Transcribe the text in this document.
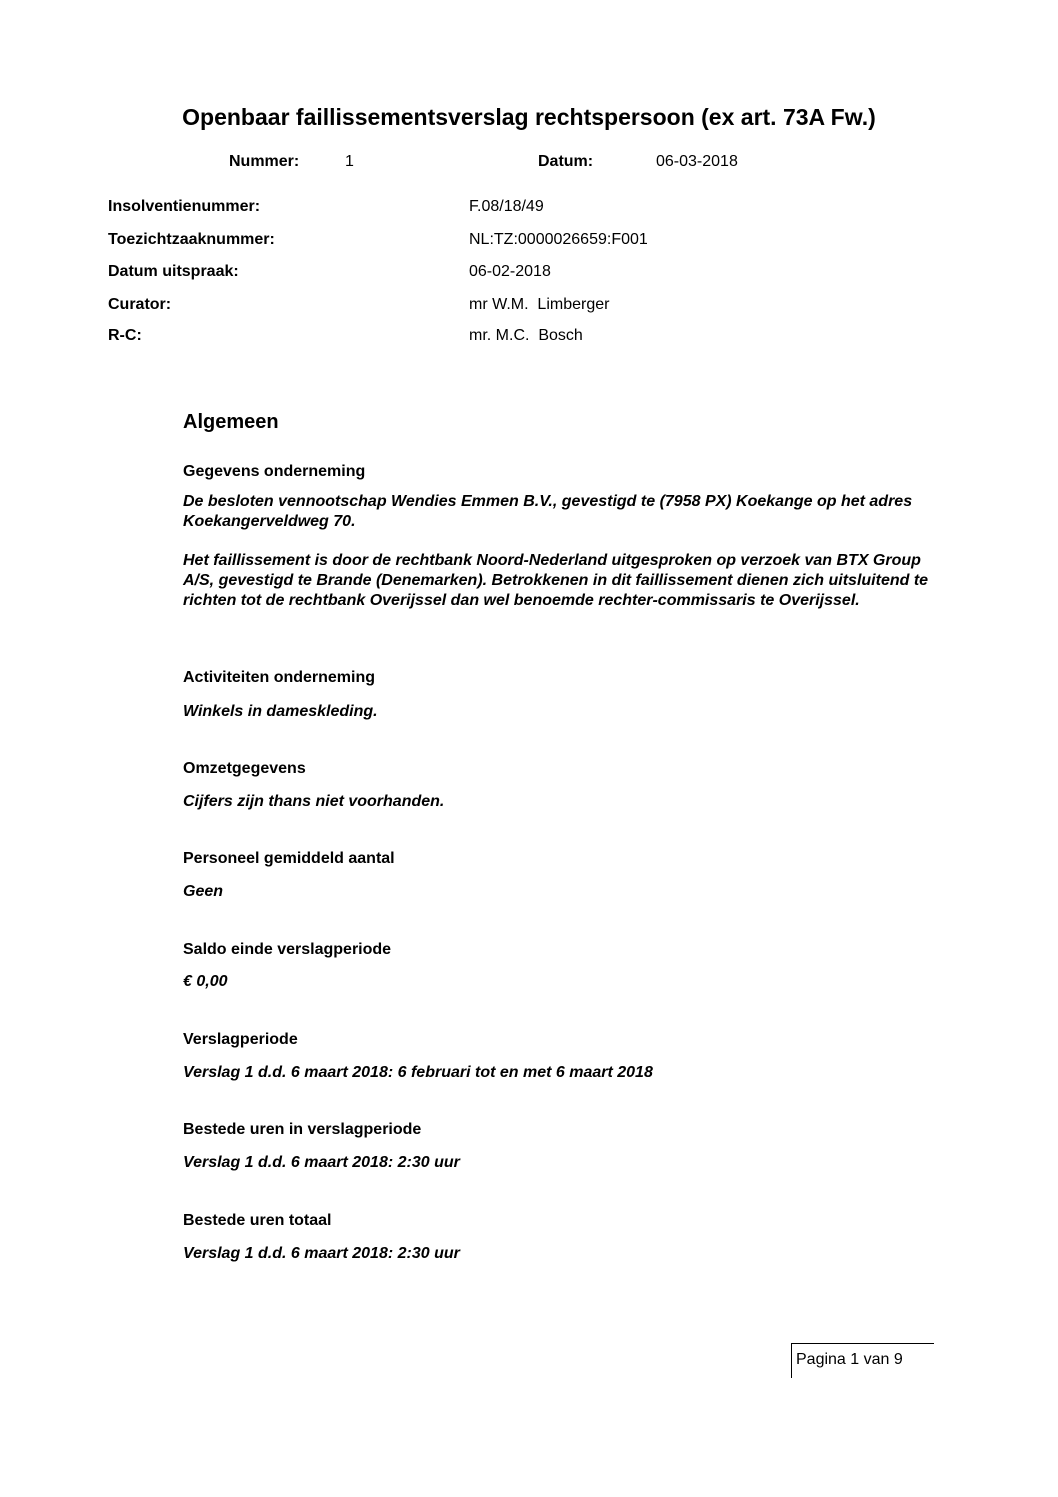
Openbaar faillissementsverslag rechtspersoon (ex art. 73A Fw.)
Nummer:	1	Datum:	06-03-2018
Insolventienummer:	F.08/18/49
Toezichtzaaknummer:	NL:TZ:0000026659:F001
Datum uitspraak:	06-02-2018
Curator:	mr W.M.  Limberger
R-C:	mr. M.C.  Bosch
Algemeen
Gegevens onderneming
De besloten vennootschap Wendies Emmen B.V., gevestigd te (7958 PX) Koekange op het adres Koekangerveldweg 70.
Het faillissement is door de rechtbank Noord-Nederland uitgesproken op verzoek van BTX Group A/S, gevestigd te Brande (Denemarken). Betrokkenen in dit faillissement dienen zich uitsluitend te richten tot de rechtbank Overijssel dan wel benoemde rechter-commissaris te Overijssel.
Activiteiten onderneming
Winkels in dameskleding.
Omzetgegevens
Cijfers zijn thans niet voorhanden.
Personeel gemiddeld aantal
Geen
Saldo einde verslagperiode
€ 0,00
Verslagperiode
Verslag 1 d.d. 6 maart 2018: 6 februari tot en met 6 maart 2018
Bestede uren in verslagperiode
Verslag 1 d.d. 6 maart 2018: 2:30 uur
Bestede uren totaal
Verslag 1 d.d. 6 maart 2018: 2:30 uur
Pagina 1 van 9
